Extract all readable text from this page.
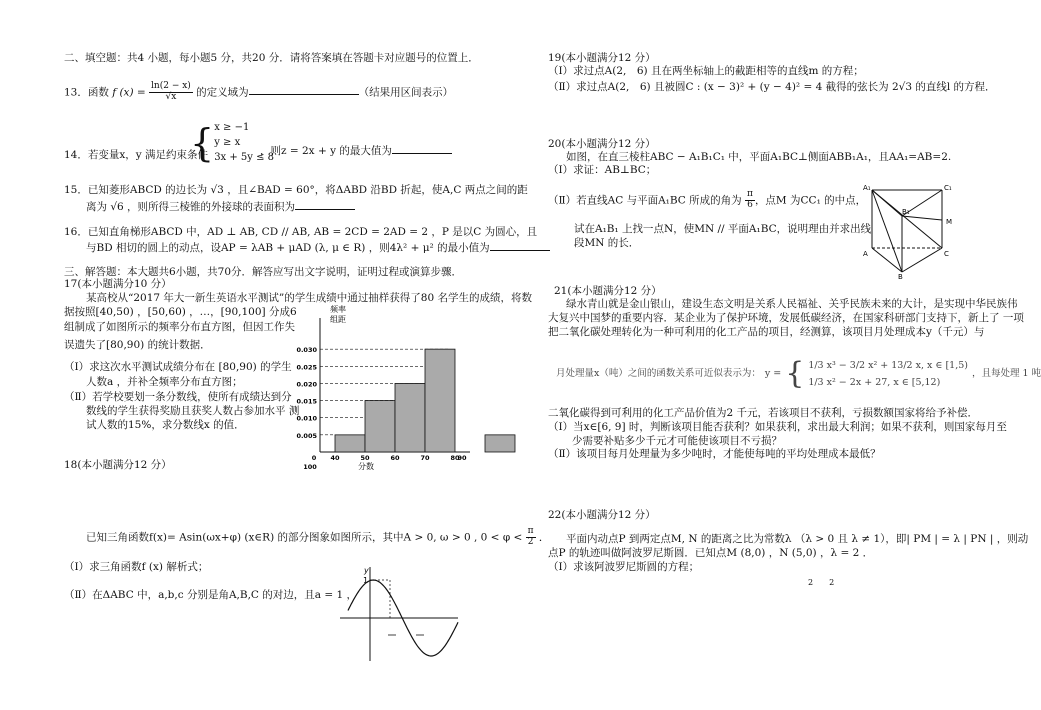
二、填空题：共4 小题，每小题5 分，共20 分．请将答案填在答题卡对应题号的位置上．
13．函数 f $(x) = \frac{\ln(2 - x)}{√x}$ 的定义域为	（结果用区间表示）
14．若变量x，y 满足约束条件
{ x ≥ −1
y ≥ x
3x + 5y ≤ 8
，则z = 2x + y 的最大值为
15．已知菱形ABCD 的边长为 √3 ，且∠BAD = 60°，将ΔABD 沿BD 折起，使A,C 两点之间的距
离为 √6 ，则所得三棱锥的外接球的表面积为
16．已知直角梯形ABCD 中，AD ⊥ AB, CD // AB, AB = 2CD = 2AD = 2 ，P 是以C 为圆心，且
与BD 相切的圆上的动点，设AP = λAB + μAD (λ, μ ∈ R) ，则4λ² + μ² 的最小值为
三、解答题：本大题共6小题，共70分．解答应写出文字说明，证明过程或演算步骤．
17(本小题满分10 分）
某高校从“2017 年大一新生英语水平测试”的学生成绩中通过抽样获得了80 名学生的成绩，将数
据按照[40,50) ，[50,60) ，…，[90,100] 分成6
组制成了如图所示的频率分布直方图，但因工作失
误遗失了[80,90) 的统计数据．
（Ⅰ）求这次水平测试成绩分布在 [80,90) 的学生
人数a ，并补全频率分布直方图；
（Ⅱ）若学校要划一条分数线，使所有成绩达到分
数线的学生获得奖励且获奖人数占参加水平 测
试人数的15%，求分数线x 的值．
0.005
0.010
0.015
0.020
0.025
0.030
频率
组距
0 40	50	60	70	80
90
100	分数
18(本小题满分12 分）
已知三角函数f(x)= Asin(ωx+φ) (x∈R) 的部分图象如图所示，其中A > 0, ω > 0 , $0 < \varphi < \frac{\pi}{2}$ ．
（Ⅰ）求三角函数f (x) 解析式；
（Ⅱ）在ΔABC 中，a,b,c 分别是角A,B,C 的对边，且a = 1 ，
y
1
19(本小题满分12 分）
（Ⅰ）求过点A(2,　6) 且在两坐标轴上的截距相等的直线m 的方程；
（Ⅱ）求过点A(2,　6) 且被圆C : (x − 3)² + (y − 4)² = 4 截得的弦长为 2√3 的直线l 的方程．
20(本小题满分12 分）
如图，在直三棱柱ABC − A₁B₁C₁ 中，平面A₁BC⊥侧面ABB₁A₁，且AA₁=AB=2.
（Ⅰ）求证：AB⊥BC；
（Ⅱ）若直线AC 与平面A₁BC 所成的角为 $\frac{\pi}{6}$ ，点M 为CC₁ 的中点，
试在A₁B₁ 上找一点N，使MN // 平面A₁BC，说明理由并求出线
段MN 的长．
A₁	C₁
B₁
M
A	C
B
21(本小题满分12 分）
绿水青山就是金山银山，建设生态文明是关系人民福祉、关乎民族未来的大计，是实现中华民族伟
大复兴中国梦的重要内容．某企业为了保护环境，发展低碳经济，在国家科研部门支持下，新上了 一项
把二氧化碳处理转化为一种可利用的化工产品的项目，经测算，该项目月处理成本y（千元）与
月处理量x（吨）之间的函数关系可近似表示为： y = { 1/3 x³ − 3/2 x² + 13/2 x, x ∈ [1,5)
1/3 x² − 2x + 27, x ∈ [5,12)
，且每处理 1 吨
二氧化碳得到可利用的化工产品价值为2 千元，若该项目不获利，亏损数额国家将给予补偿．
（Ⅰ）当x∈[6, 9] 时，判断该项目能否获利？如果获利，求出最大利润；如果不获利，则国家每月至
少需要补贴多少千元才可能使该项目不亏损？
（Ⅱ）该项目每月处理量为多少吨时，才能使每吨的平均处理成本最低？
22(本小题满分12 分）
平面内动点P 到两定点M, N 的距离之比为常数λ （λ > 0 且 λ ≠ 1），即| PM | = λ | PN | ，则动
点P 的轨迹叫做阿波罗尼斯圆．已知点M (8,0) ，N (5,0) ，λ = 2 ．
（Ⅰ）求该阿波罗尼斯圆的方程；
2　　2
